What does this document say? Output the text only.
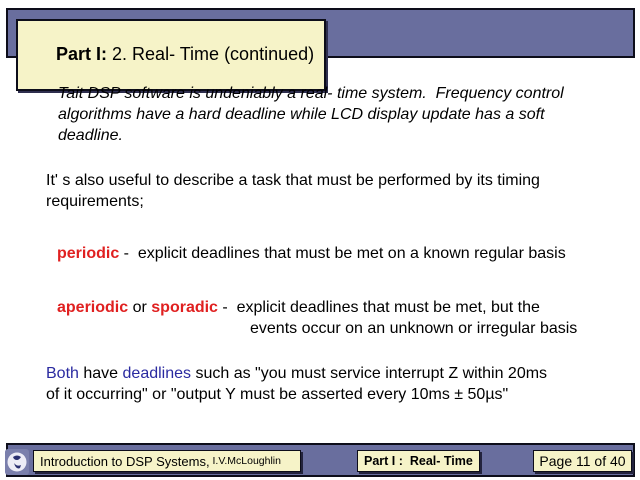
Part I: 2. Real- Time (continued)

Tait DSP software is undeniably a real- time system.  Frequency control
algorithms have a hard deadline while LCD display update has a soft
deadline.
It' s also useful to describe a task that must be performed by its timing
requirements;
periodic -  explicit deadlines that must be met on a known regular basis
aperiodic or sporadic -  explicit deadlines that must be met, but the
events occur on an unknown or irregular basis
Both have deadlines such as "you must service interrupt Z within 20ms
of it occurring" or "output Y must be asserted every 10ms ± 50µs"
Introduction to DSP Systems, I.V.McLoughlin	Part I :  Real- Time	Page 11 of 40
